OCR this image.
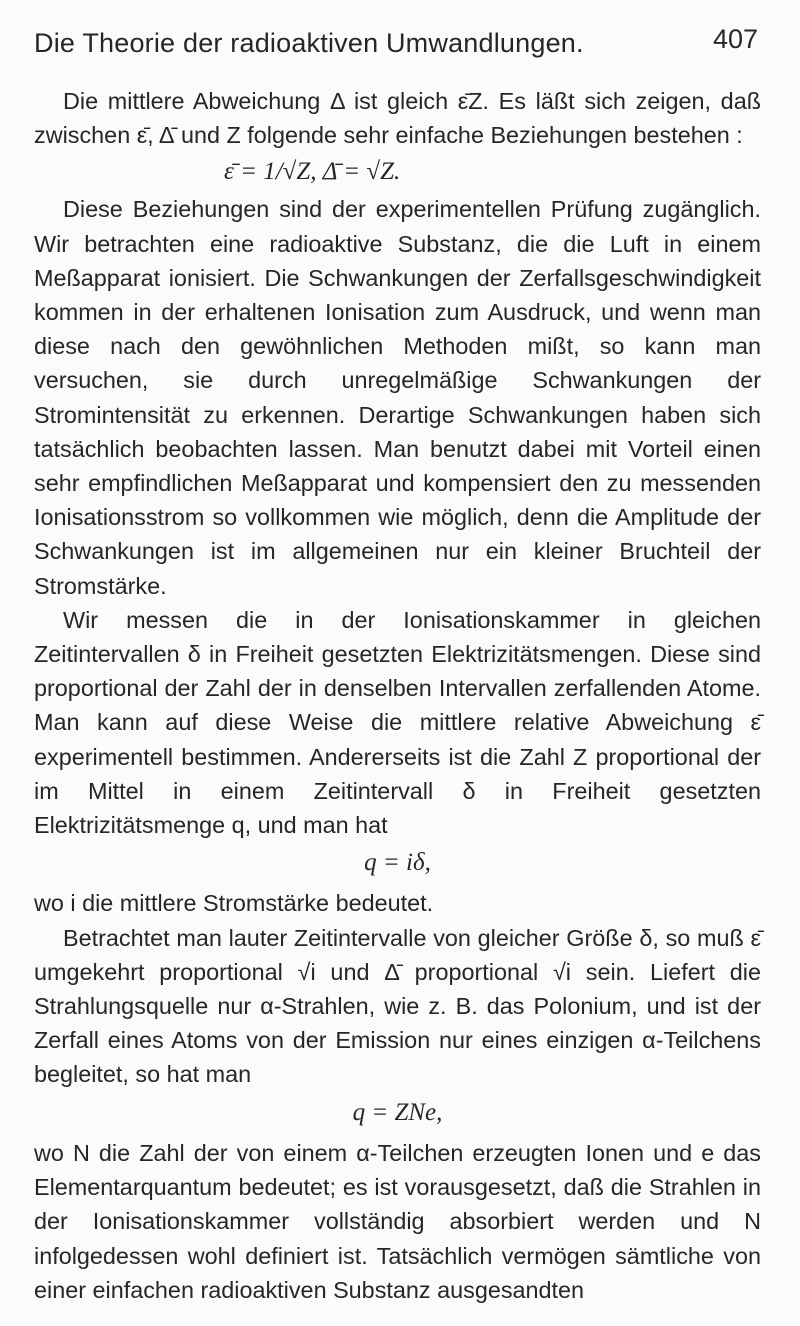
Die Theorie der radioaktiven Umwandlungen.	407

Die mittlere Abweichung Δ ist gleich ε̄Z. Es läßt sich zeigen, daß zwischen ε̄, Δ̄ und Z folgende sehr einfache Beziehungen bestehen :

ε̄ = 1/√Z, Δ̄ = √Z.

Diese Beziehungen sind der experimentellen Prüfung zugänglich. Wir betrachten eine radioaktive Substanz, die die Luft in einem Meßapparat ionisiert. Die Schwankungen der Zerfallsgeschwindigkeit kommen in der erhaltenen Ionisation zum Ausdruck, und wenn man diese nach den gewöhnlichen Methoden mißt, so kann man versuchen, sie durch unregelmäßige Schwankungen der Stromintensität zu erkennen. Derartige Schwankungen haben sich tatsächlich beobachten lassen. Man benutzt dabei mit Vorteil einen sehr empfindlichen Meßapparat und kompensiert den zu messenden Ionisationsstrom so vollkommen wie möglich, denn die Amplitude der Schwankungen ist im allgemeinen nur ein kleiner Bruchteil der Stromstärke.

Wir messen die in der Ionisationskammer in gleichen Zeitintervallen δ in Freiheit gesetzten Elektrizitätsmengen. Diese sind proportional der Zahl der in denselben Intervallen zerfallenden Atome. Man kann auf diese Weise die mittlere relative Abweichung ε̄ experimentell bestimmen. Andererseits ist die Zahl Z proportional der im Mittel in einem Zeitintervall δ in Freiheit gesetzten Elektrizitätsmenge q, und man hat

q = iδ,

wo i die mittlere Stromstärke bedeutet.

Betrachtet man lauter Zeitintervalle von gleicher Größe δ, so muß ε̄ umgekehrt proportional √i und Δ̄ proportional √i sein. Liefert die Strahlungsquelle nur α-Strahlen, wie z. B. das Polonium, und ist der Zerfall eines Atoms von der Emission nur eines einzigen α-Teilchens begleitet, so hat man

q = ZNe,

wo N die Zahl der von einem α-Teilchen erzeugten Ionen und e das Elementarquantum bedeutet; es ist vorausgesetzt, daß die Strahlen in der Ionisationskammer vollständig absorbiert werden und N infolgedessen wohl definiert ist. Tatsächlich vermögen sämtliche von einer einfachen radioaktiven Substanz ausgesandten
